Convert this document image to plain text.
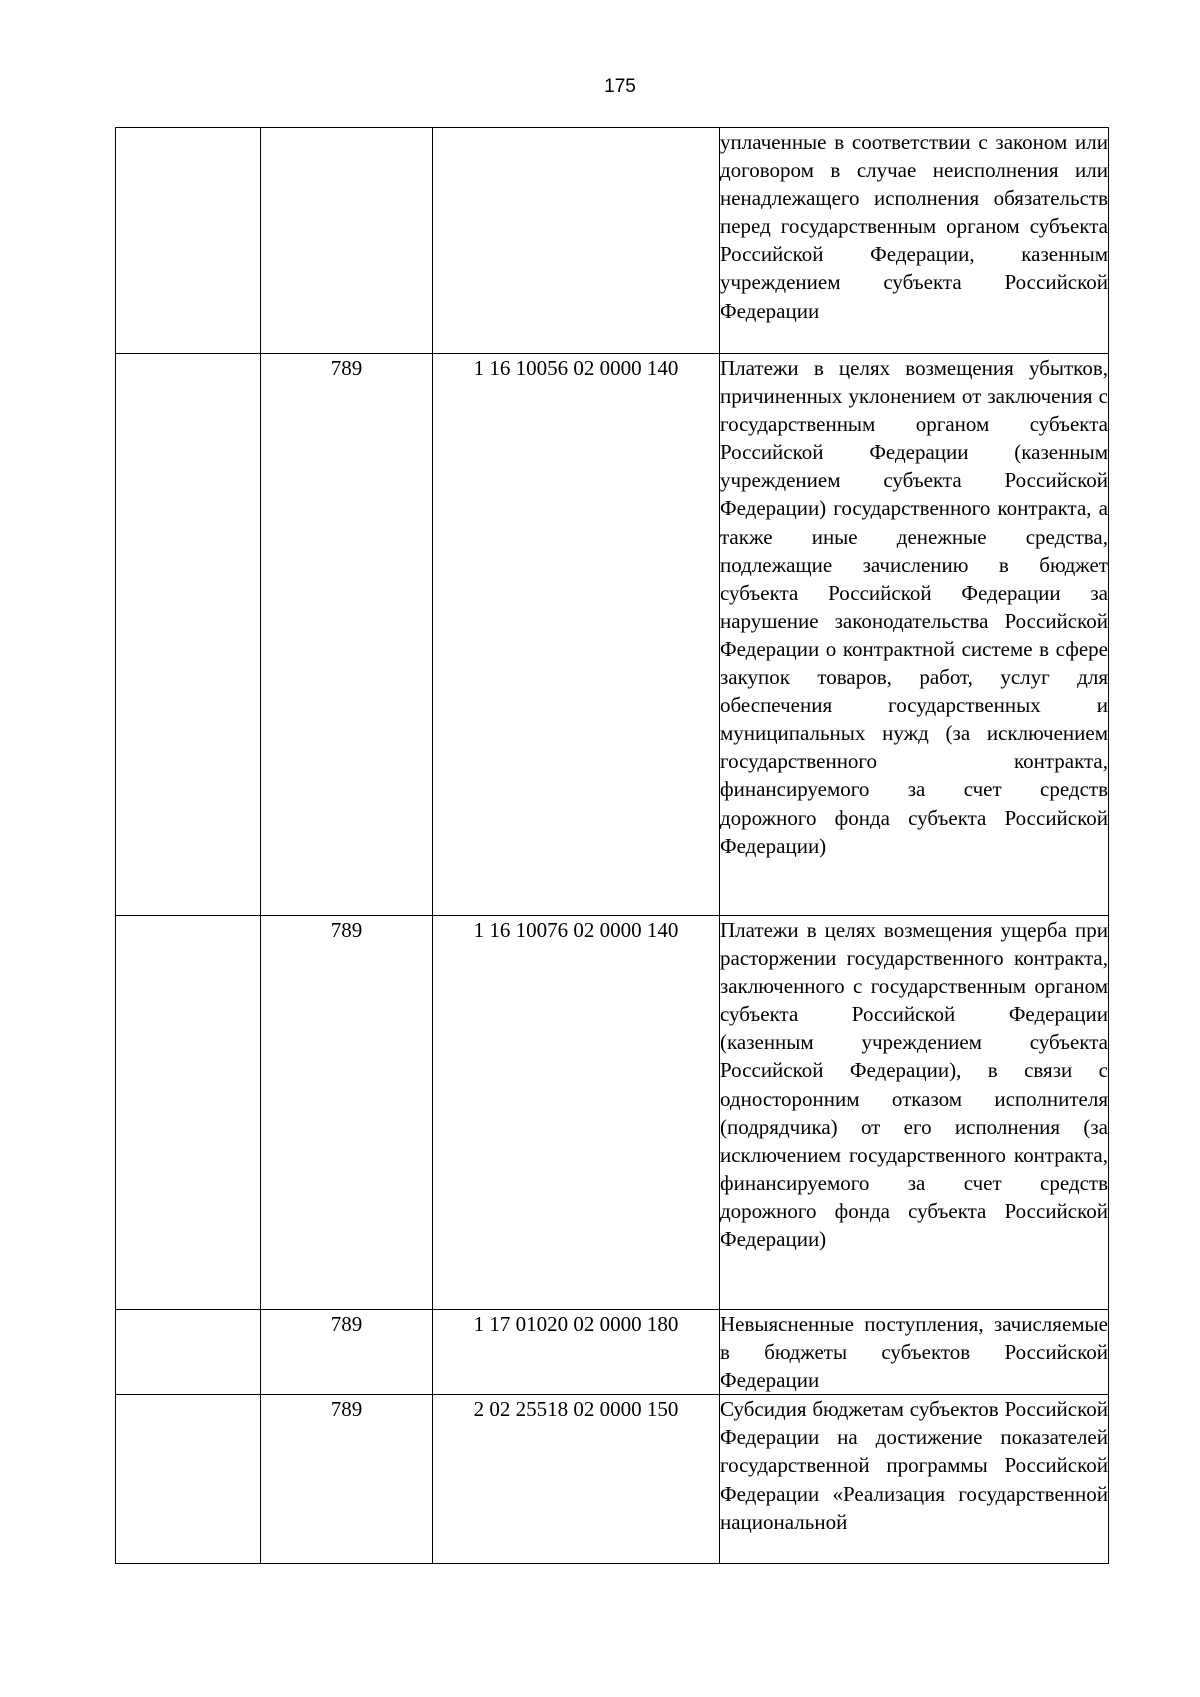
175

			уплаченные в соответствии с законом или договором в случае неисполнения или ненадлежащего исполнения обязательств перед государственным органом субъекта Российской Федерации, казенным учреждением субъекта Российской Федерации

	789	1 16 10056 02 0000 140	Платежи в целях возмещения убытков, причиненных уклонением от заключения с государственным органом субъекта Российской Федерации (казенным учреждением субъекта Российской Федерации) государственного контракта, а также иные денежные средства, подлежащие зачислению в бюджет субъекта Российской Федерации за нарушение законодательства Российской Федерации о контрактной системе в сфере закупок товаров, работ, услуг для обеспечения государственных и муниципальных нужд (за исключением государственного контракта, финансируемого за счет средств дорожного фонда субъекта Российской Федерации)

	789	1 16 10076 02 0000 140	Платежи в целях возмещения ущерба при расторжении государственного контракта, заключенного с государственным органом субъекта Российской Федерации (казенным учреждением субъекта Российской Федерации), в связи с односторонним отказом исполнителя (подрядчика) от его исполнения (за исключением государственного контракта, финансируемого за счет средств дорожного фонда субъекта Российской Федерации)

	789	1 17 01020 02 0000 180	Невыясненные поступления, зачисляемые в бюджеты субъектов Российской Федерации

	789	2 02 25518 02 0000 150	Субсидия бюджетам субъектов Российской Федерации на достижение показателей государственной программы Российской Федерации «Реализация государственной национальной
